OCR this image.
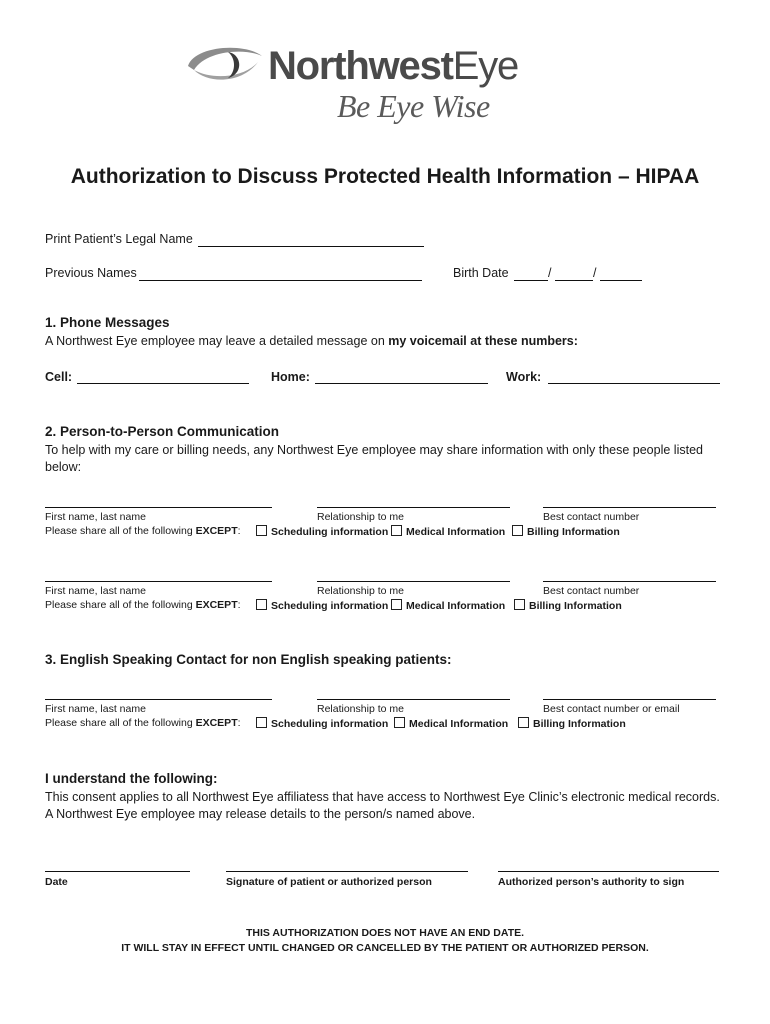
NorthwestEye
Be Eye Wise
Authorization to Discuss Protected Health Information – HIPAA
Print Patient’s Legal Name
Previous Names	Birth Date	/	/
1. Phone Messages
A Northwest Eye employee may leave a detailed message on my voicemail at these numbers:
Cell:	Home:	Work:
2. Person-to-Person Communication
To help with my care or billing needs, any Northwest Eye employee may share information with only these people listed
below:
First name, last name	Relationship to me	Best contact number
Please share all of the following EXCEPT:	Scheduling information	Medical Information	Billing Information
First name, last name	Relationship to me	Best contact number
Please share all of the following EXCEPT:	Scheduling information	Medical Information	Billing Information
3. English Speaking Contact for non English speaking patients:
First name, last name	Relationship to me	Best contact number or email
Please share all of the following EXCEPT:	Scheduling information	Medical Information	Billing Information
I understand the following:
This consent applies to all Northwest Eye affiliatess that have access to Northwest Eye Clinic’s electronic medical records.
A Northwest Eye employee may release details to the person/s named above.
Date	Signature of patient or authorized person	Authorized person’s authority to sign
THIS AUTHORIZATION DOES NOT HAVE AN END DATE.
IT WILL STAY IN EFFECT UNTIL CHANGED OR CANCELLED BY THE PATIENT OR AUTHORIZED PERSON.
